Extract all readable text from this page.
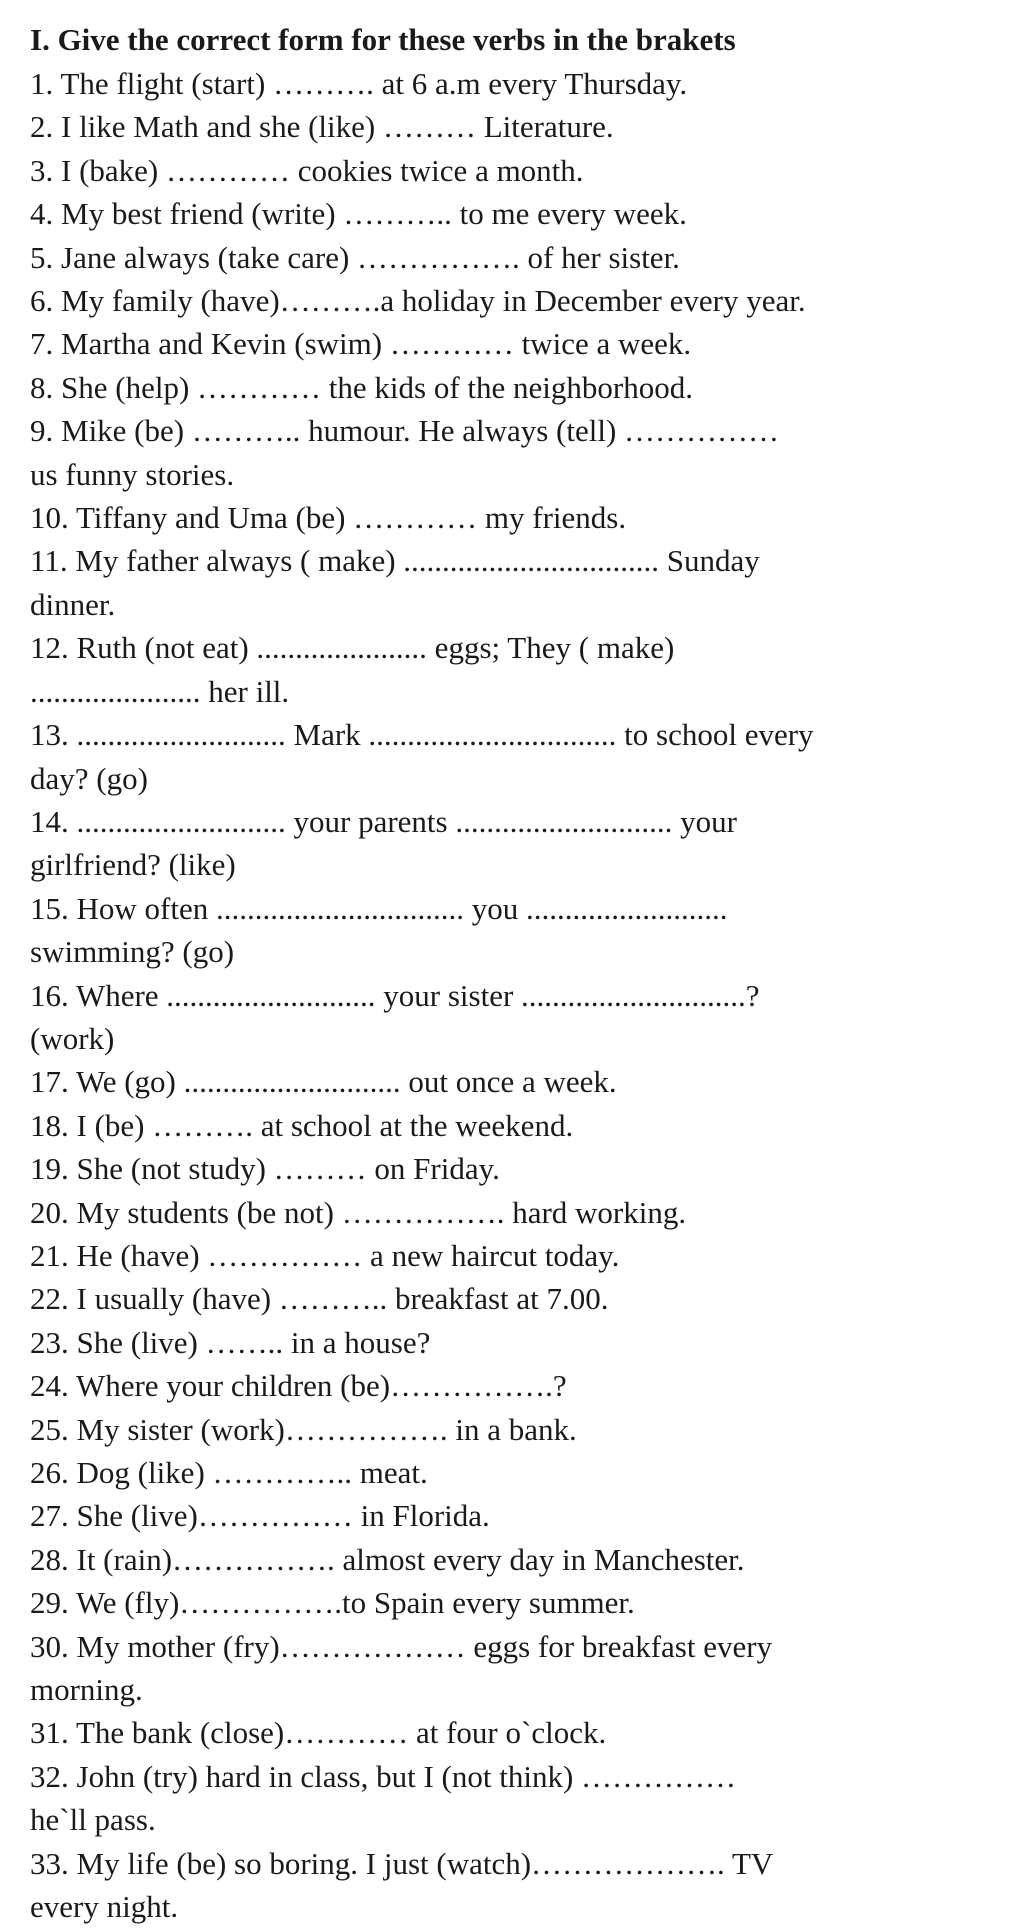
I. Give the correct form for these verbs in the brakets

1. The flight (start) ………. at 6 a.m every Thursday.

2. I like Math and she (like) ……… Literature.

3. I (bake) ………… cookies twice a month.

4. My best friend (write) ……….. to me every week.

5. Jane always (take care) ……………. of her sister.

6. My family (have)……….a holiday in December every year.

7. Martha and Kevin (swim) ………… twice a week.

8. She (help) ………… the kids of the neighborhood.

9. Mike (be) ……….. humour. He always (tell) ……………

us funny stories.

10. Tiffany and Uma (be) ………… my friends.

11. My father always ( make) ................................. Sunday

dinner.

12. Ruth (not eat) ...................... eggs; They ( make)

...................... her ill.

13. ........................... Mark ................................ to school every

day? (go)

14. ........................... your parents ............................ your

girlfriend? (like)

15. How often ................................ you ..........................

swimming? (go)

16. Where ........................... your sister .............................?

(work)

17. We (go) ............................ out once a week.

18. I (be) ………. at school at the weekend.

19. She (not study) ……… on Friday.

20. My students (be not) ……………. hard working.

21. He (have) …………… a new haircut today.

22. I usually (have) ……….. breakfast at 7.00.

23. She (live) …….. in a house?

24. Where your children (be)…………….?

25. My sister (work)……………. in a bank.

26. Dog (like) ………….. meat.

27. She (live)…………… in Florida.

28. It (rain)……………. almost every day in Manchester.

29. We (fly)…………….to Spain every summer.

30. My mother (fry)……………… eggs for breakfast every

morning.

31. The bank (close)………… at four o`clock.

32. John (try) hard in class, but I (not think) ……………

he`ll pass.

33. My life (be) so boring. I just (watch)………………. TV

every night.
